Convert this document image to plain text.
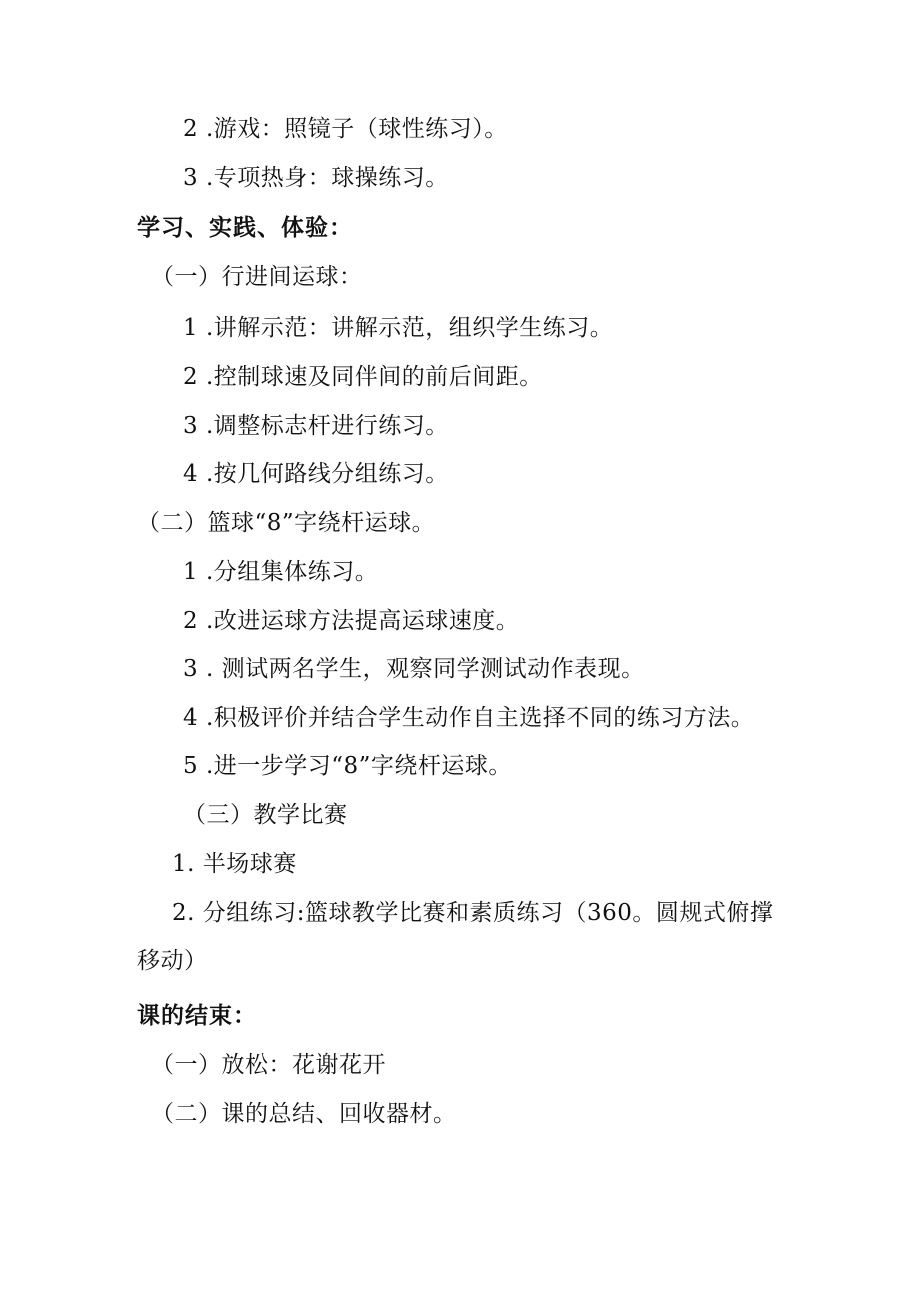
2 .游戏：照镜子（球性练习）。
3 .专项热身：球操练习。
学习、实践、体验：
（一）行进间运球：
1 .讲解示范：讲解示范，组织学生练习。
2 .控制球速及同伴间的前后间距。
3 .调整标志杆进行练习。
4 .按几何路线分组练习。
（二）篮球“8”字绕杆运球。
1 .分组集体练习。
2 .改进运球方法提高运球速度。
3 . 测试两名学生，观察同学测试动作表现。
4 .积极评价并结合学生动作自主选择不同的练习方法。
5 .进一步学习“8”字绕杆运球。
（三）教学比赛
1. 半场球赛
2. 分组练习:篮球教学比赛和素质练习（360。圆规式俯撑
移动）
课的结束：
（一）放松：花谢花开
（二）课的总结、回收器材。
